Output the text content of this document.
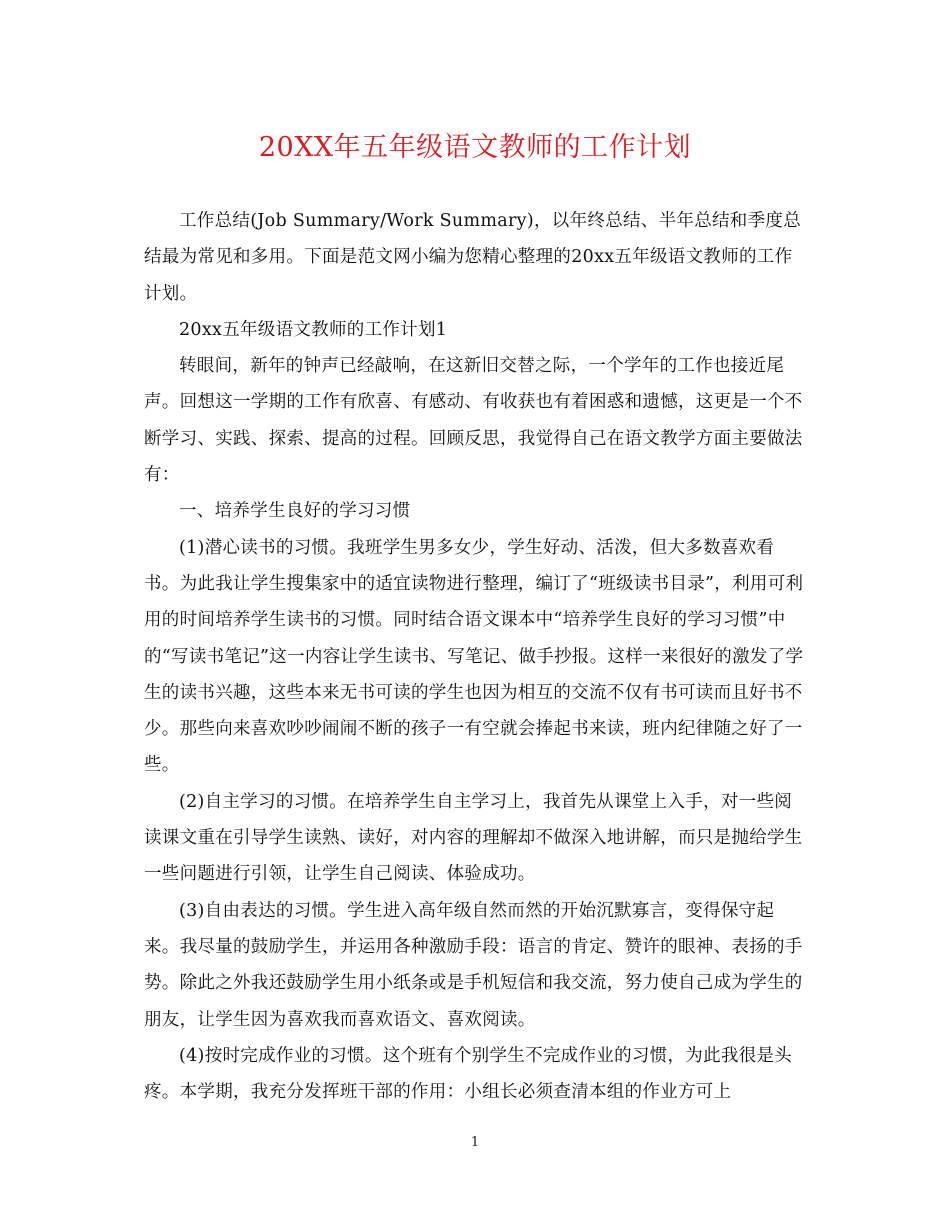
20XX年五年级语文教师的工作计划

工作总结(Job Summary/Work Summary)，以年终总结、半年总结和季度总结最为常见和多用。下面是范文网小编为您精心整理的20xx五年级语文教师的工作计划。

20xx五年级语文教师的工作计划1

转眼间，新年的钟声已经敲响，在这新旧交替之际，一个学年的工作也接近尾声。回想这一学期的工作有欣喜、有感动、有收获也有着困惑和遗憾，这更是一个不断学习、实践、探索、提高的过程。回顾反思，我觉得自己在语文教学方面主要做法有：

一、培养学生良好的学习习惯

(1)潜心读书的习惯。我班学生男多女少，学生好动、活泼，但大多数喜欢看书。为此我让学生搜集家中的适宜读物进行整理，编订了“班级读书目录”，利用可利用的时间培养学生读书的习惯。同时结合语文课本中“培养学生良好的学习习惯”中的“写读书笔记”这一内容让学生读书、写笔记、做手抄报。这样一来很好的激发了学生的读书兴趣，这些本来无书可读的学生也因为相互的交流不仅有书可读而且好书不少。那些向来喜欢吵吵闹闹不断的孩子一有空就会捧起书来读，班内纪律随之好了一些。

(2)自主学习的习惯。在培养学生自主学习上，我首先从课堂上入手，对一些阅读课文重在引导学生读熟、读好，对内容的理解却不做深入地讲解，而只是抛给学生一些问题进行引领，让学生自己阅读、体验成功。

(3)自由表达的习惯。学生进入高年级自然而然的开始沉默寡言，变得保守起来。我尽量的鼓励学生，并运用各种激励手段：语言的肯定、赞许的眼神、表扬的手势。除此之外我还鼓励学生用小纸条或是手机短信和我交流，努力使自己成为学生的朋友，让学生因为喜欢我而喜欢语文、喜欢阅读。

(4)按时完成作业的习惯。这个班有个别学生不完成作业的习惯，为此我很是头疼。本学期，我充分发挥班干部的作用：小组长必须查清本组的作业方可上

1
